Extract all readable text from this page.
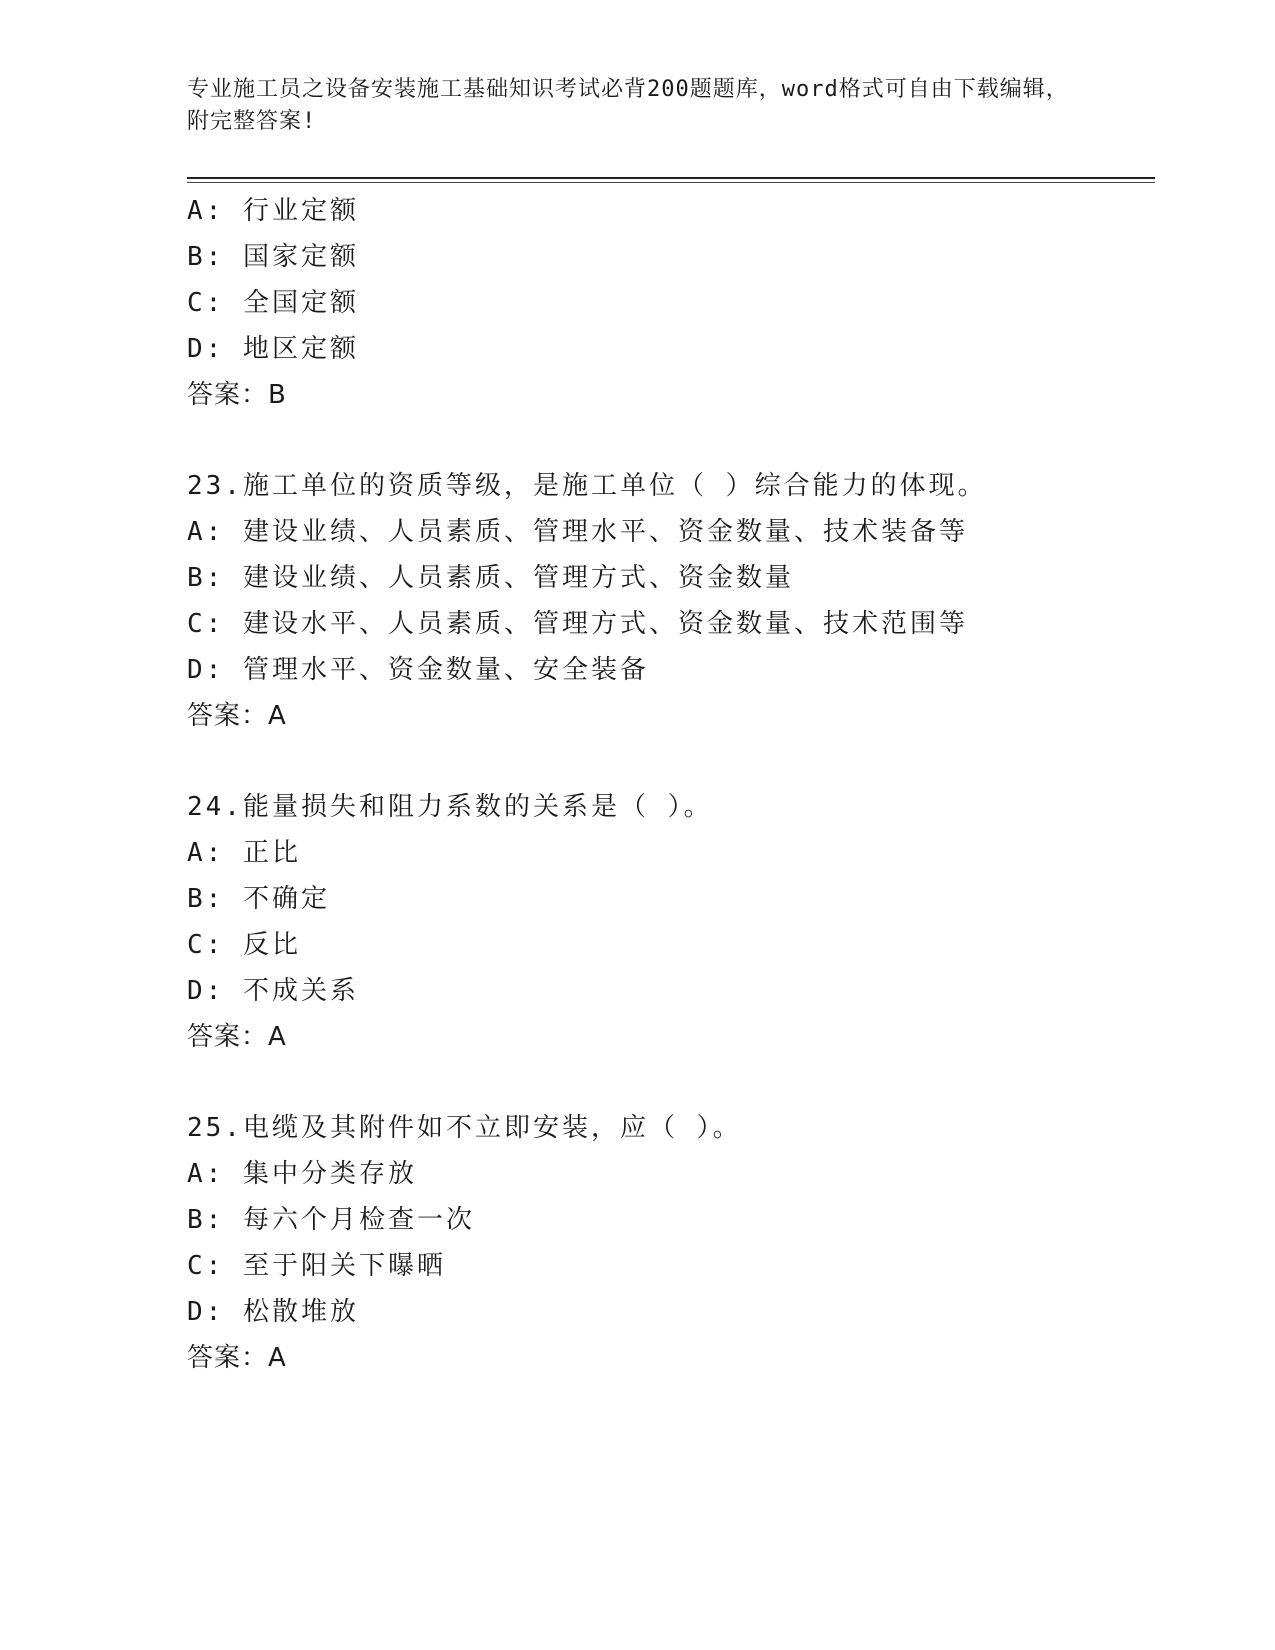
专业施工员之设备安装施工基础知识考试必背200题题库，word格式可自由下载编辑，附完整答案!
A: 行业定额
B: 国家定额
C: 全国定额
D: 地区定额
答案：B
23.施工单位的资质等级，是施工单位（ ）综合能力的体现。
A: 建设业绩、人员素质、管理水平、资金数量、技术装备等
B: 建设业绩、人员素质、管理方式、资金数量
C: 建设水平、人员素质、管理方式、资金数量、技术范围等
D: 管理水平、资金数量、安全装备
答案：A
24.能量损失和阻力系数的关系是（ ）。
A: 正比
B: 不确定
C: 反比
D: 不成关系
答案：A
25.电缆及其附件如不立即安装，应（ ）。
A: 集中分类存放
B: 每六个月检查一次
C: 至于阳关下曝晒
D: 松散堆放
答案：A
